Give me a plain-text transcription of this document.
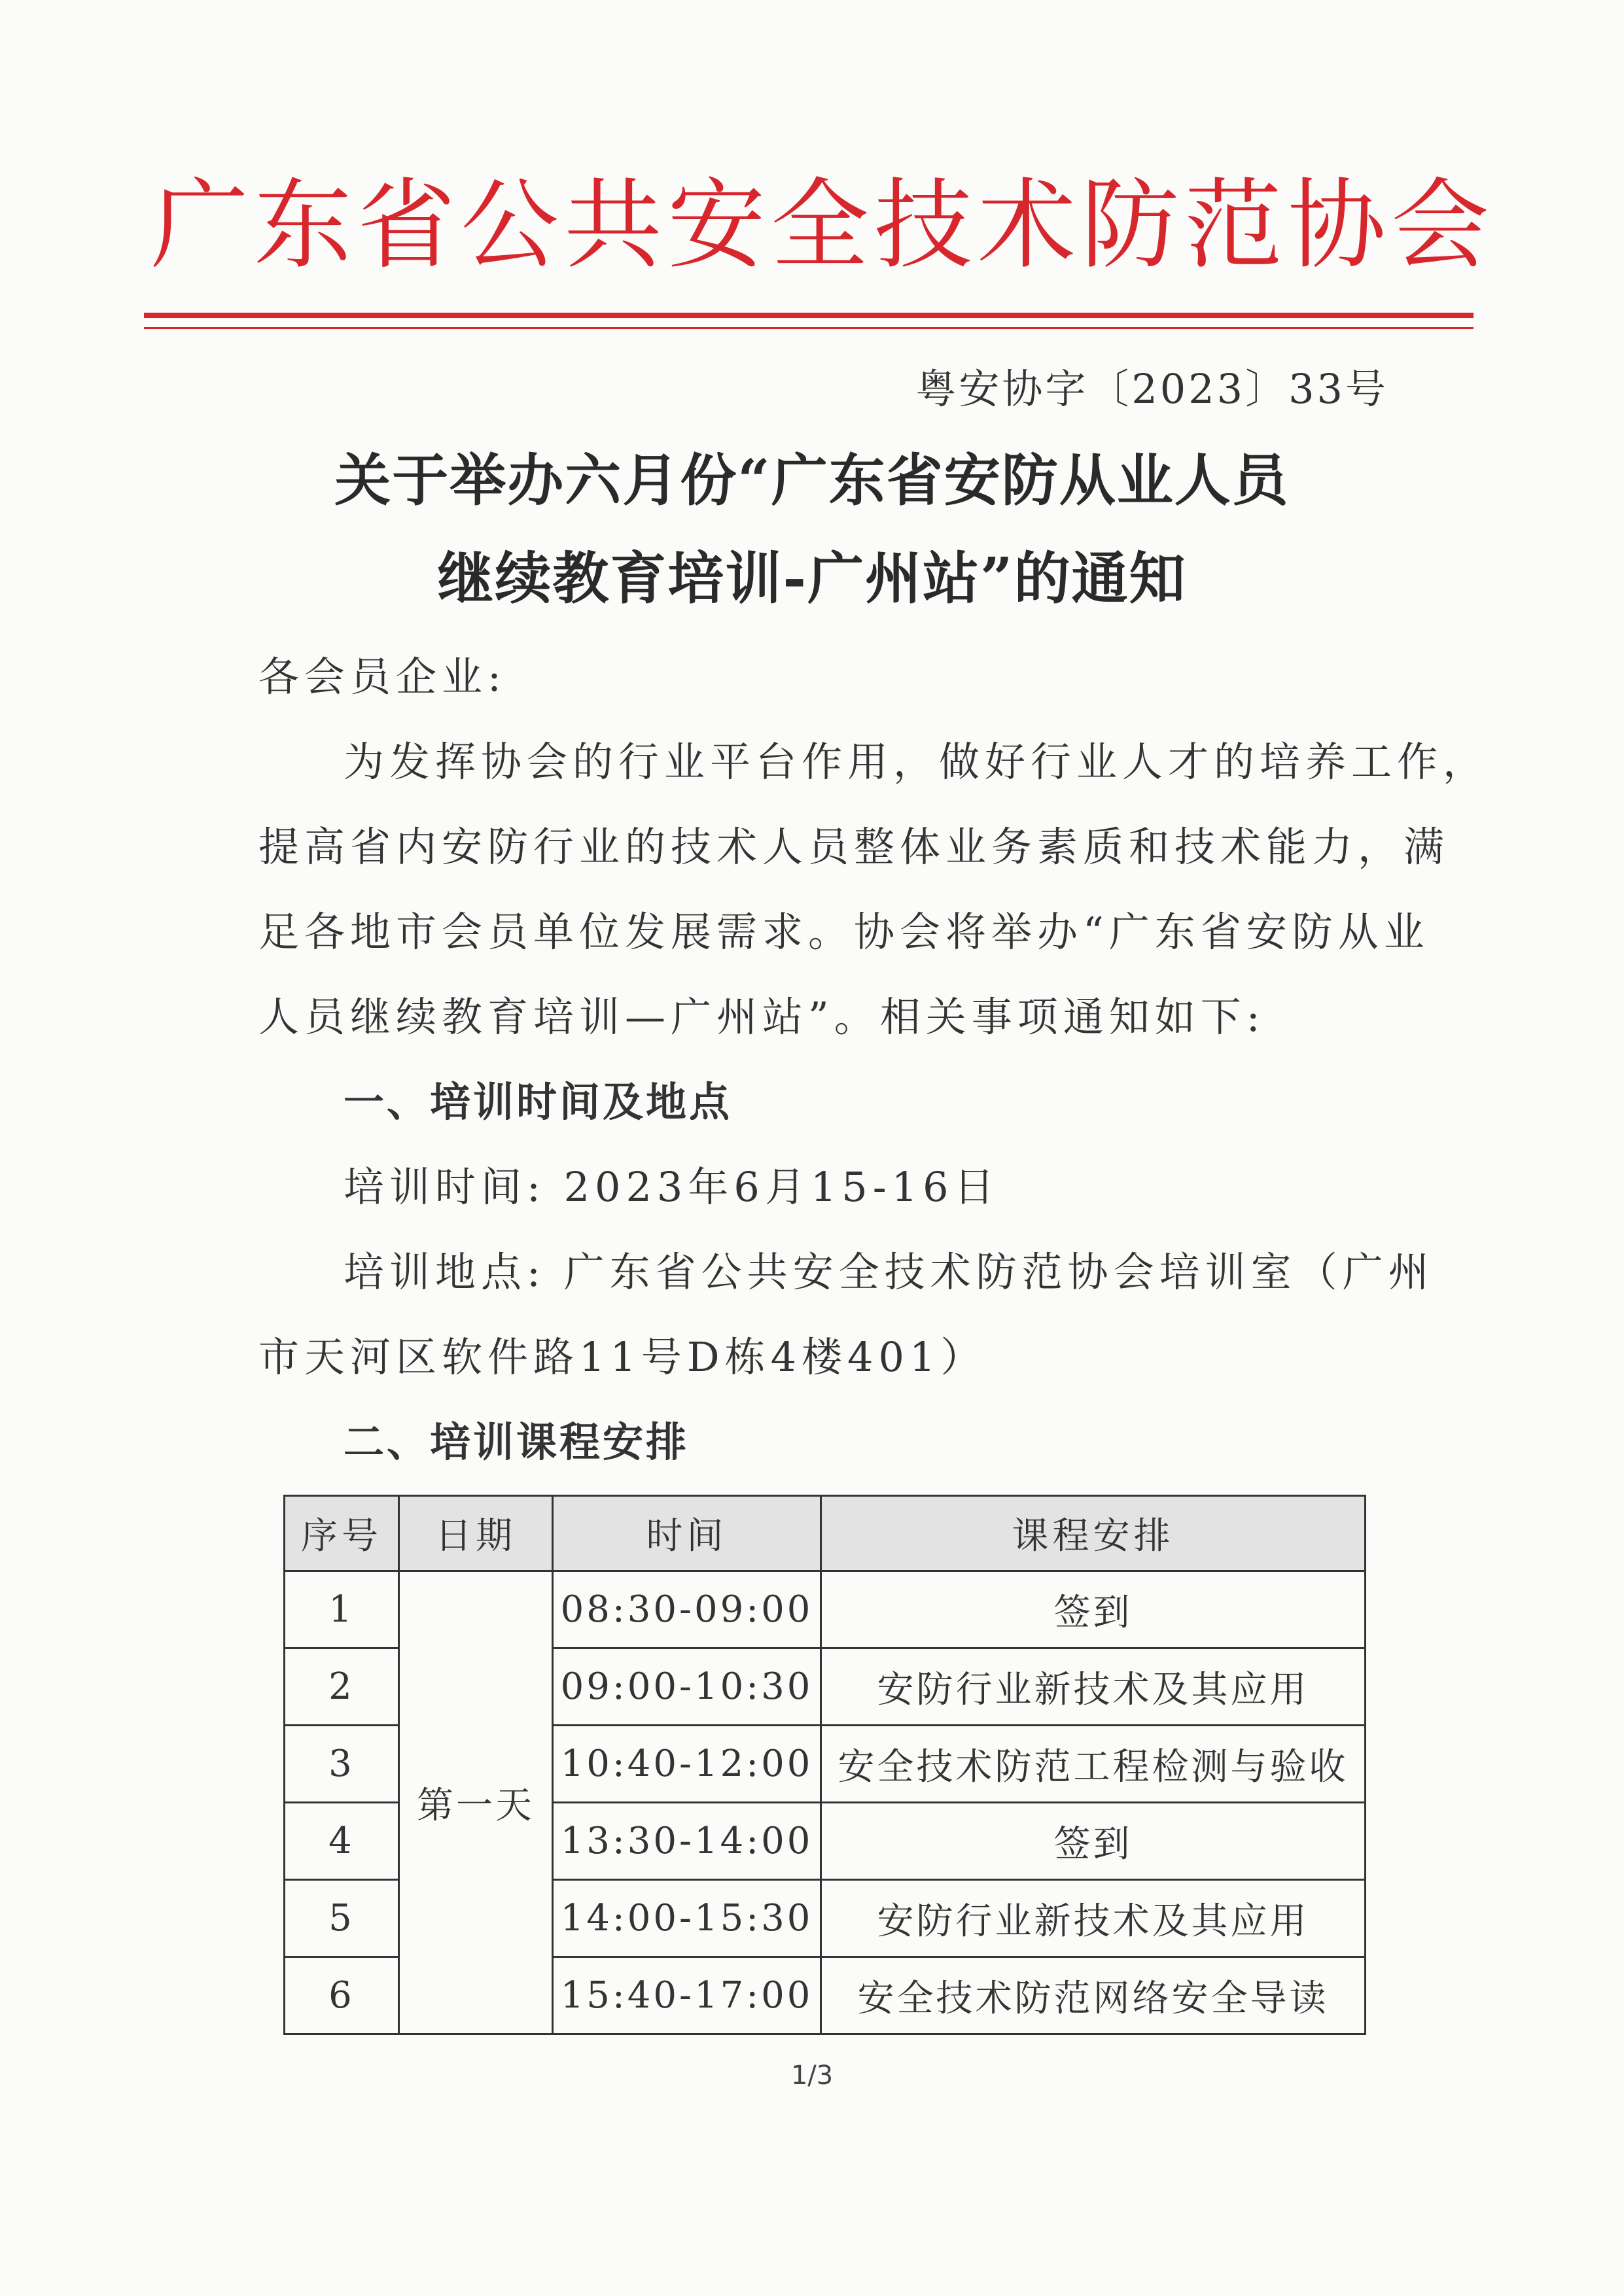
广东省公共安全技术防范协会
粤安协字〔2023〕33号
关于举办六月份“广东省安防从业人员
继续教育培训-广州站”的通知
各会员企业:
为发挥协会的行业平台作用，做好行业人才的培养工作，
提高省内安防行业的技术人员整体业务素质和技术能力，满
足各地市会员单位发展需求。协会将举办“广东省安防从业
人员继续教育培训—广州站”。相关事项通知如下:
一、培训时间及地点
培训时间: 2023年6月15-16日
培训地点: 广东省公共安全技术防范协会培训室（广州
市天河区软件路11号D栋4楼401）
二、培训课程安排
序号	日期	时间	课程安排
1	第一天	08:30-09:00	签到
2		09:00-10:30	安防行业新技术及其应用
3		10:40-12:00	安全技术防范工程检测与验收
4		13:30-14:00	签到
5		14:00-15:30	安防行业新技术及其应用
6		15:40-17:00	安全技术防范网络安全导读
1/3
